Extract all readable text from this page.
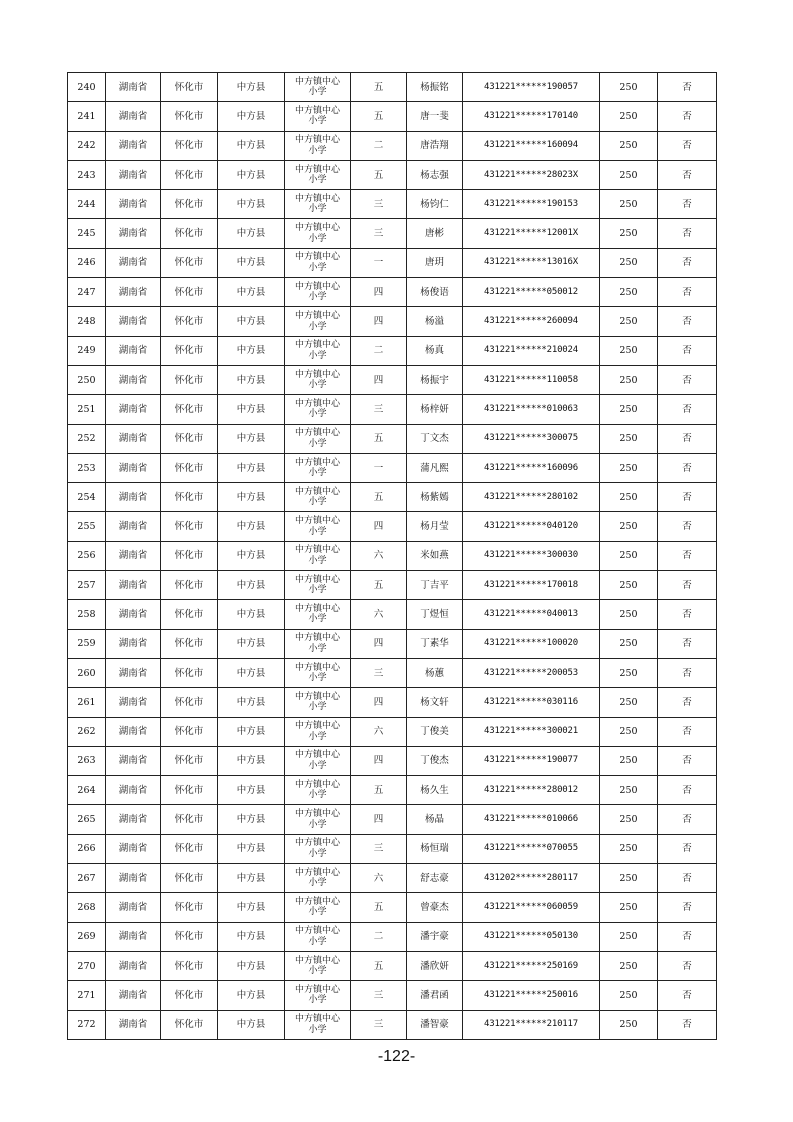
240	湖南省	怀化市	中方县	中方镇中心小学	五	杨振铭	431221******190057	250	否
241	湖南省	怀化市	中方县	中方镇中心小学	五	唐一斐	431221******170140	250	否
242	湖南省	怀化市	中方县	中方镇中心小学	二	唐浩翔	431221******160094	250	否
243	湖南省	怀化市	中方县	中方镇中心小学	五	杨志强	431221******28023X	250	否
244	湖南省	怀化市	中方县	中方镇中心小学	三	杨钧仁	431221******190153	250	否
245	湖南省	怀化市	中方县	中方镇中心小学	三	唐彬	431221******12001X	250	否
246	湖南省	怀化市	中方县	中方镇中心小学	一	唐玥	431221******13016X	250	否
247	湖南省	怀化市	中方县	中方镇中心小学	四	杨俊语	431221******050012	250	否
248	湖南省	怀化市	中方县	中方镇中心小学	四	杨溢	431221******260094	250	否
249	湖南省	怀化市	中方县	中方镇中心小学	二	杨真	431221******210024	250	否
250	湖南省	怀化市	中方县	中方镇中心小学	四	杨振宇	431221******110058	250	否
251	湖南省	怀化市	中方县	中方镇中心小学	三	杨梓妍	431221******010063	250	否
252	湖南省	怀化市	中方县	中方镇中心小学	五	丁文杰	431221******300075	250	否
253	湖南省	怀化市	中方县	中方镇中心小学	一	蒲凡熙	431221******160096	250	否
254	湖南省	怀化市	中方县	中方镇中心小学	五	杨紫嫣	431221******280102	250	否
255	湖南省	怀化市	中方县	中方镇中心小学	四	杨月莹	431221******040120	250	否
256	湖南省	怀化市	中方县	中方镇中心小学	六	米如燕	431221******300030	250	否
257	湖南省	怀化市	中方县	中方镇中心小学	五	丁吉平	431221******170018	250	否
258	湖南省	怀化市	中方县	中方镇中心小学	六	丁煜恒	431221******040013	250	否
259	湖南省	怀化市	中方县	中方镇中心小学	四	丁素华	431221******100020	250	否
260	湖南省	怀化市	中方县	中方镇中心小学	三	杨蕙	431221******200053	250	否
261	湖南省	怀化市	中方县	中方镇中心小学	四	杨文轩	431221******030116	250	否
262	湖南省	怀化市	中方县	中方镇中心小学	六	丁俊美	431221******300021	250	否
263	湖南省	怀化市	中方县	中方镇中心小学	四	丁俊杰	431221******190077	250	否
264	湖南省	怀化市	中方县	中方镇中心小学	五	杨久生	431221******280012	250	否
265	湖南省	怀化市	中方县	中方镇中心小学	四	杨晶	431221******010066	250	否
266	湖南省	怀化市	中方县	中方镇中心小学	三	杨恒瑞	431221******070055	250	否
267	湖南省	怀化市	中方县	中方镇中心小学	六	舒志豪	431202******280117	250	否
268	湖南省	怀化市	中方县	中方镇中心小学	五	曾豪杰	431221******060059	250	否
269	湖南省	怀化市	中方县	中方镇中心小学	二	潘宇豪	431221******050130	250	否
270	湖南省	怀化市	中方县	中方镇中心小学	五	潘欣妍	431221******250169	250	否
271	湖南省	怀化市	中方县	中方镇中心小学	三	潘君函	431221******250016	250	否
272	湖南省	怀化市	中方县	中方镇中心小学	三	潘智豪	431221******210117	250	否
-122-
